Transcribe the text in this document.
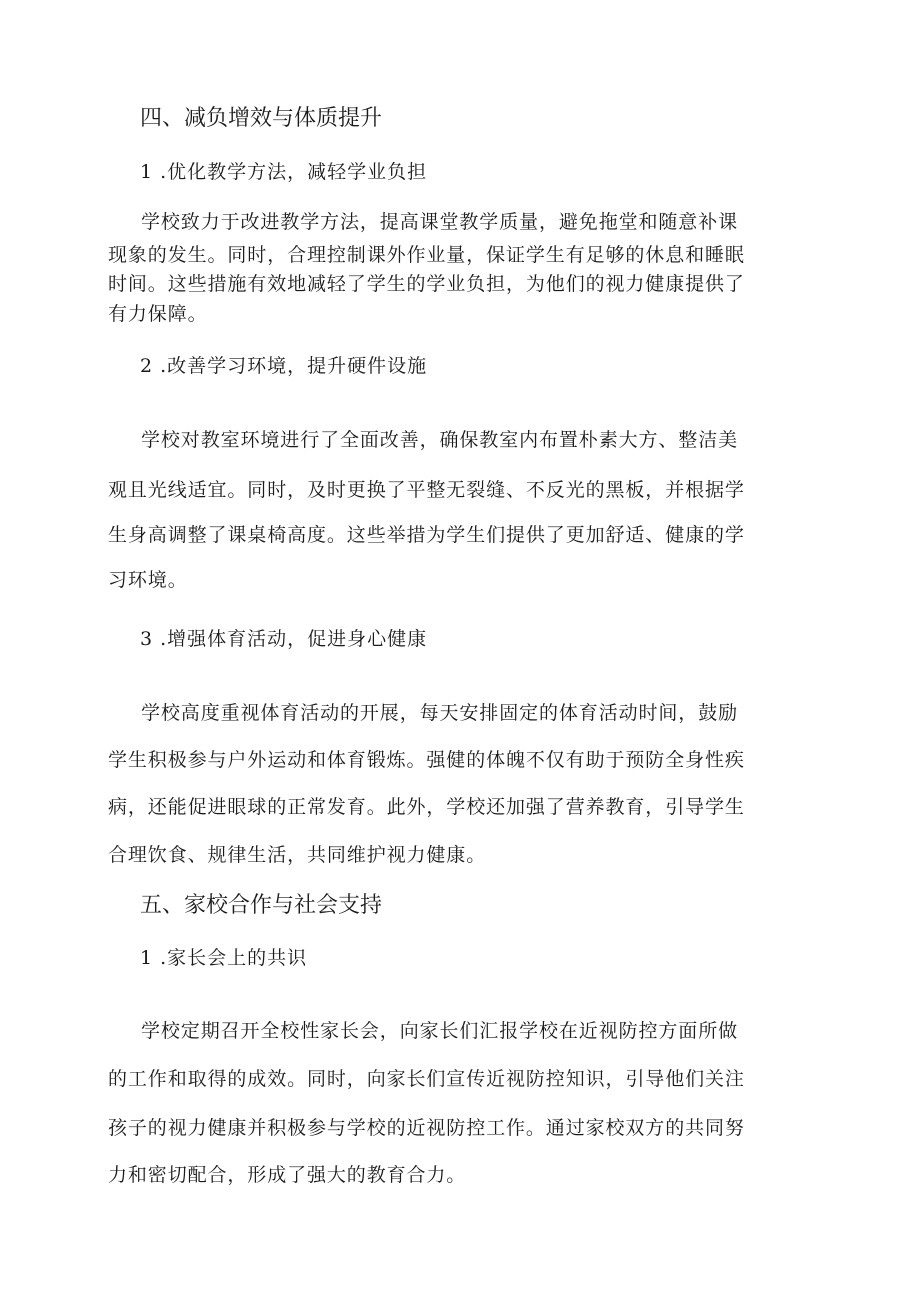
四、减负增效与体质提升
1 .优化教学方法，减轻学业负担
学校致力于改进教学方法，提高课堂教学质量，避免拖堂和随意补课
现象的发生。同时，合理控制课外作业量，保证学生有足够的休息和睡眠
时间。这些措施有效地减轻了学生的学业负担，为他们的视力健康提供了
有力保障。
2 .改善学习环境，提升硬件设施
学校对教室环境进行了全面改善，确保教室内布置朴素大方、整洁美
观且光线适宜。同时，及时更换了平整无裂缝、不反光的黑板，并根据学
生身高调整了课桌椅高度。这些举措为学生们提供了更加舒适、健康的学
习环境。
3 .增强体育活动，促进身心健康
学校高度重视体育活动的开展，每天安排固定的体育活动时间，鼓励
学生积极参与户外运动和体育锻炼。强健的体魄不仅有助于预防全身性疾
病，还能促进眼球的正常发育。此外，学校还加强了营养教育，引导学生
合理饮食、规律生活，共同维护视力健康。
五、家校合作与社会支持
1 .家长会上的共识
学校定期召开全校性家长会，向家长们汇报学校在近视防控方面所做
的工作和取得的成效。同时，向家长们宣传近视防控知识，引导他们关注
孩子的视力健康并积极参与学校的近视防控工作。通过家校双方的共同努
力和密切配合，形成了强大的教育合力。
